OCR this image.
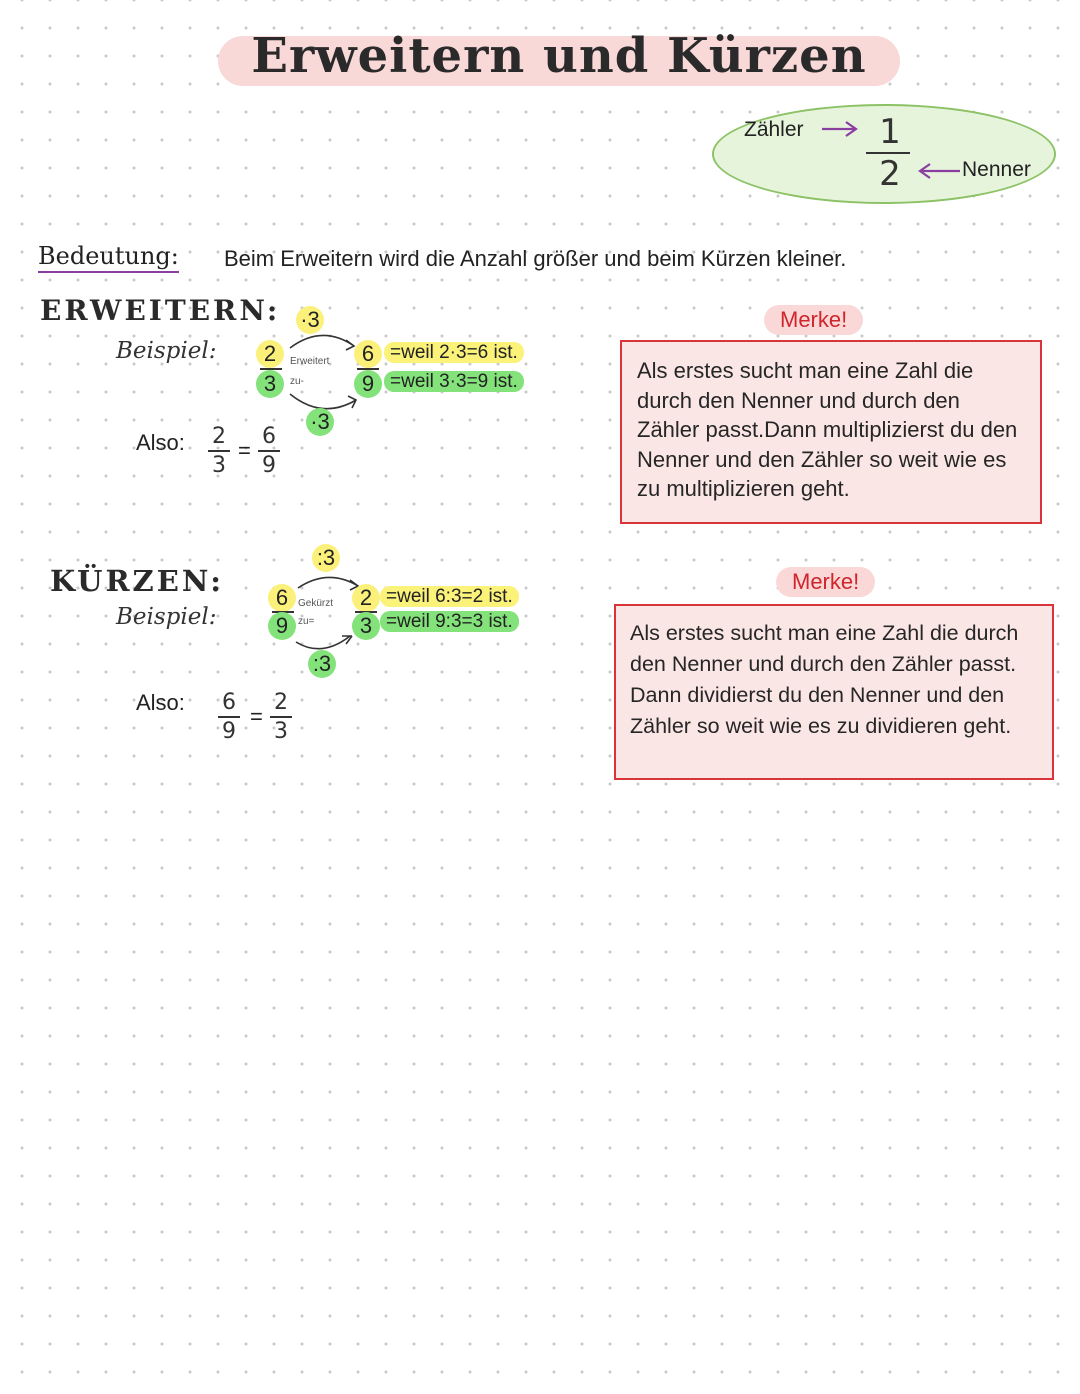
Erweitern und Kürzen
Zähler 1
2	Nenner
Bedeutung: Beim Erweitern wird die Anzahl größer und beim Kürzen kleiner.
ERWEITERN:
Beispiel:
·3
2
3
Erweitert
zu-
6
9
·3
=weil 2·3=6 ist.
=weil 3·3=9 ist.
Also: 2
3
=
6
9
Merke!
Als erstes sucht man eine Zahl die durch den Nenner und durch den Zähler passt.Dann multiplizierst du den Nenner und den Zähler so weit wie es zu multiplizieren geht.
KÜRZEN:
Beispiel:
:3
6
9
Gekürzt
zu=
2
3
:3
=weil 6:3=2 ist.
=weil 9:3=3 ist.
Also: 6
9
=
2
3
Merke!
Als erstes sucht man eine Zahl die durch den Nenner und durch den Zähler passt. Dann dividierst du den Nenner und den Zähler so weit wie es zu dividieren geht.
